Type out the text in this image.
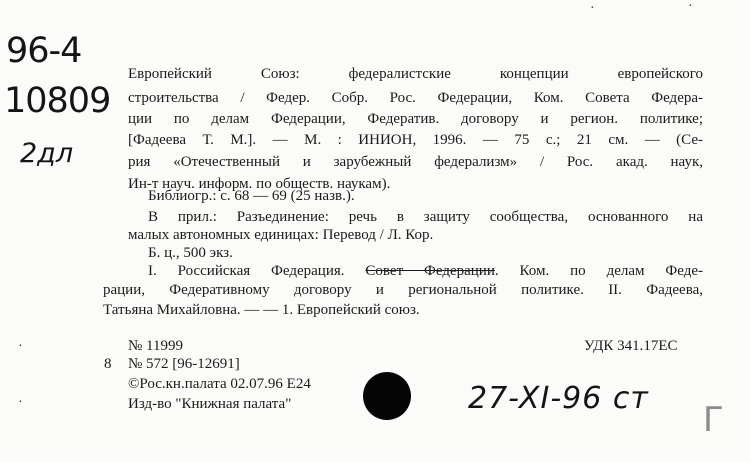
96-4
10809
2дл
Европейский Союз: федералистские концепции европейского
строительства / Федер. Собр. Рос. Федерации, Ком. Совета Федера-
ции по делам Федерации, Федератив. договору и регион. политике;
[Фадеева Т. М.]. — М. : ИНИОН, 1996. — 75 с.; 21 см. — (Се-
рия «Отечественный и зарубежный федерализм» / Рос. акад. наук,
Ин-т науч. информ. по обществ. наукам).
Библиогр.: с. 68 — 69 (25 назв.).
В прил.: Разъединение: речь в защиту сообщества, основанного на
малых автономных единицах: Перевод / Л. Кор.
Б. ц., 500 экз.
I. Российская Федерация. Совет Федерации. Ком. по делам Феде-
рации, Федеративному договору и региональной политике. II. Фадеева,
Татьяна Михайловна. — — 1. Европейский союз.
№ 11999	УДК 341.17ЕС
8 № 572 [96-12691]
©Рос.кн.палата 02.07.96 E24
Изд-во "Книжная палата"	27-XI-96 ст
Г
·
·
·	·
